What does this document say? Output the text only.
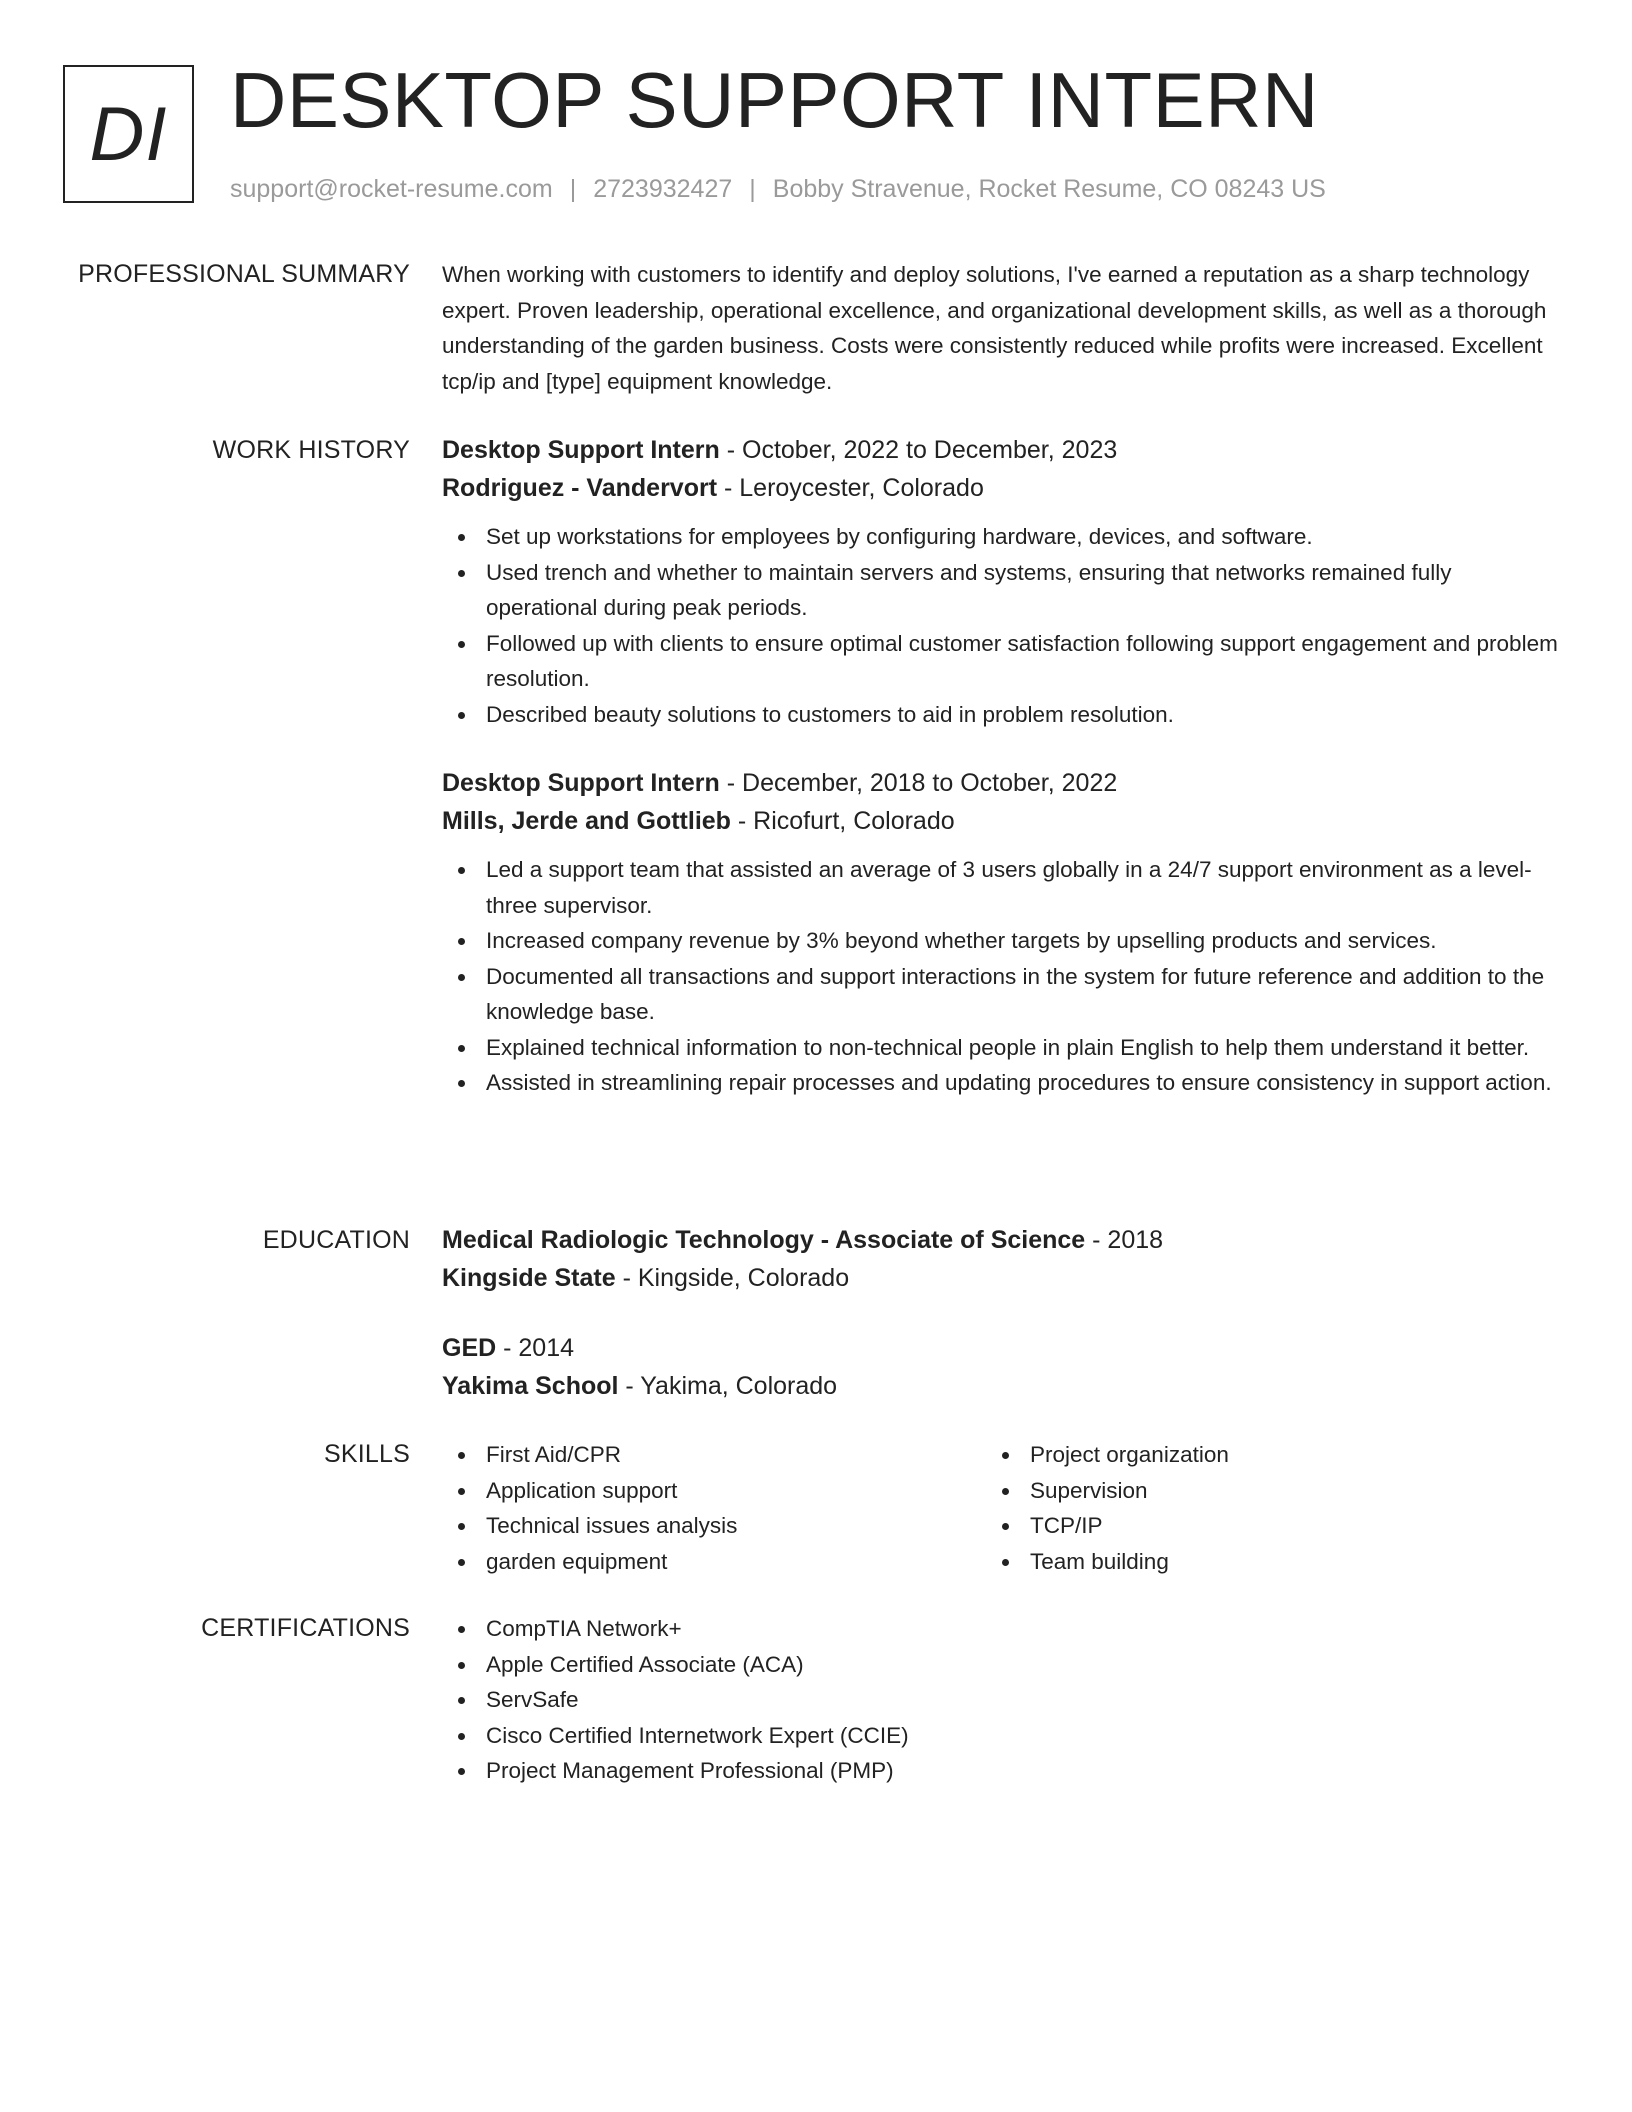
DI DESKTOP SUPPORT INTERN
support@rocket-resume.com | 2723932427 | Bobby Stravenue, Rocket Resume, CO 08243 US
PROFESSIONAL SUMMARY When working with customers to identify and deploy solutions, I've earned a reputation as a sharp technology expert. Proven leadership, operational excellence, and organizational development skills, as well as a thorough understanding of the garden business. Costs were consistently reduced while profits were increased. Excellent tcp/ip and [type] equipment knowledge.

WORK HISTORY Desktop Support Intern - October, 2022 to December, 2023
Rodriguez - Vandervort - Leroycester, Colorado
Set up workstations for employees by configuring hardware, devices, and software.
Used trench and whether to maintain servers and systems, ensuring that networks remained fully operational during peak periods.
Followed up with clients to ensure optimal customer satisfaction following support engagement and problem resolution.
Described beauty solutions to customers to aid in problem resolution.
Desktop Support Intern - December, 2018 to October, 2022
Mills, Jerde and Gottlieb - Ricofurt, Colorado
Led a support team that assisted an average of 3 users globally in a 24/7 support environment as a level-three supervisor.
Increased company revenue by 3% beyond whether targets by upselling products and services.
Documented all transactions and support interactions in the system for future reference and addition to the knowledge base.
Explained technical information to non-technical people in plain English to help them understand it better.
Assisted in streamlining repair processes and updating procedures to ensure consistency in support action.
EDUCATION Medical Radiologic Technology - Associate of Science - 2018
Kingside State - Kingside, Colorado
GED - 2014
Yakima School - Yakima, Colorado
SKILLS	First Aid/CPR
Application support
Technical issues analysis
garden equipment
Project organization
Supervision
TCP/IP
Team building
CERTIFICATIONS	CompTIA Network+
Apple Certified Associate (ACA)
ServSafe
Cisco Certified Internetwork Expert (CCIE)
Project Management Professional (PMP)
